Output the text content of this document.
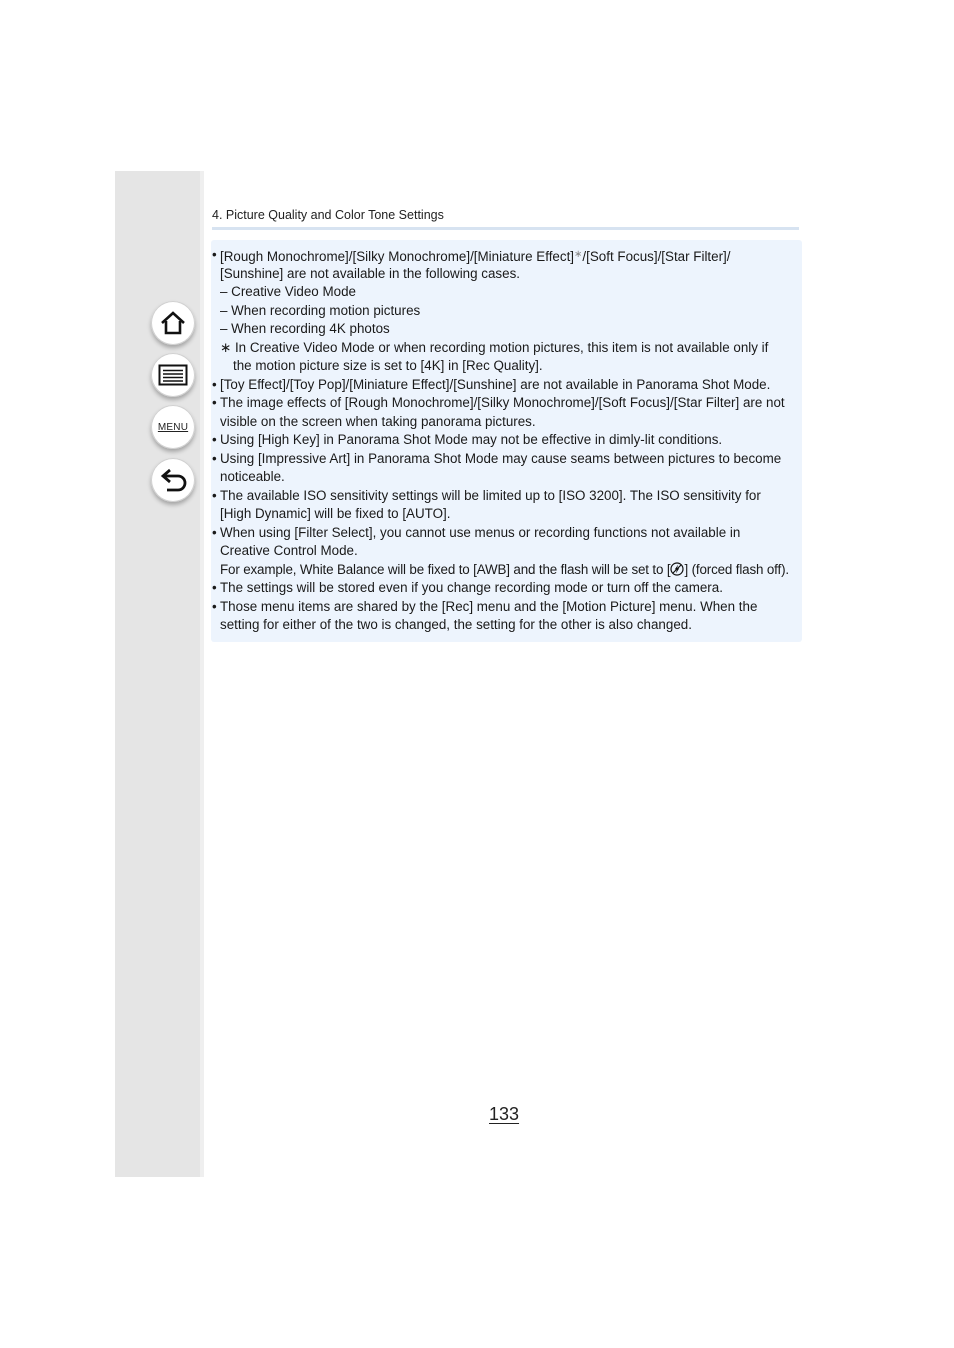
MENU
4. Picture Quality and Color Tone Settings
• [Rough Monochrome]/[Silky Monochrome]/[Miniature Effect]∗/[Soft Focus]/[Star Filter]/
[Sunshine] are not available in the following cases.
– Creative Video Mode
– When recording motion pictures
– When recording 4K photos
∗ In Creative Video Mode or when recording motion pictures, this item is not available only if
the motion picture size is set to [4K] in [Rec Quality].
• [Toy Effect]/[Toy Pop]/[Miniature Effect]/[Sunshine] are not available in Panorama Shot Mode.
• The image effects of [Rough Monochrome]/[Silky Monochrome]/[Soft Focus]/[Star Filter] are not
visible on the screen when taking panorama pictures.
• Using [High Key] in Panorama Shot Mode may not be effective in dimly-lit conditions.
• Using [Impressive Art] in Panorama Shot Mode may cause seams between pictures to become
noticeable.
• The available ISO sensitivity settings will be limited up to [ISO 3200]. The ISO sensitivity for
[High Dynamic] will be fixed to [AUTO].
• When using [Filter Select], you cannot use menus or recording functions not available in
Creative Control Mode.
For example, White Balance will be fixed to [AWB] and the flash will be set to [ ] (forced flash off).
• The settings will be stored even if you change recording mode or turn off the camera.
• Those menu items are shared by the [Rec] menu and the [Motion Picture] menu. When the
setting for either of the two is changed, the setting for the other is also changed.
133
